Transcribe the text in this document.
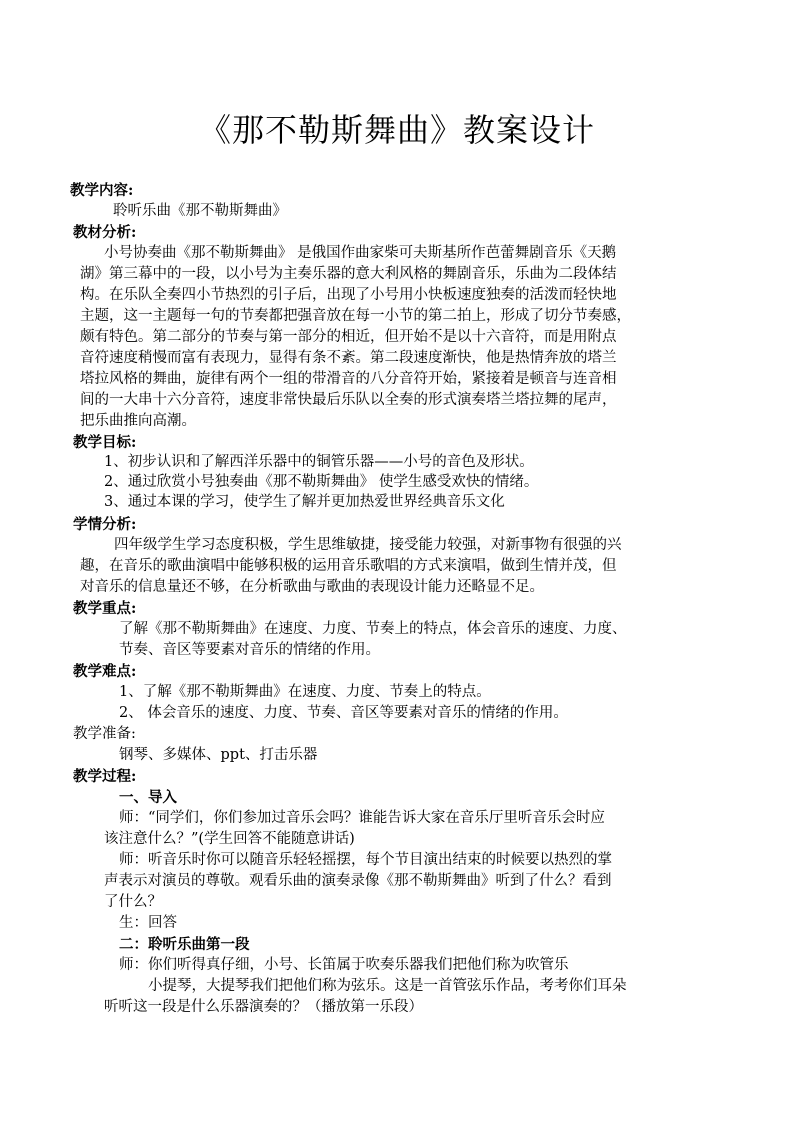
《那不勒斯舞曲》教案设计
教学内容:
聆听乐曲《那不勒斯舞曲》
教材分析:
小号协奏曲《那不勒斯舞曲》 是俄国作曲家柴可夫斯基所作芭蕾舞剧音乐《天鹅
湖》第三幕中的一段，以小号为主奏乐器的意大利风格的舞剧音乐，乐曲为二段体结
构。在乐队全奏四小节热烈的引子后，出现了小号用小快板速度独奏的活泼而轻快地
主题，这一主题每一句的节奏都把强音放在每一小节的第二拍上，形成了切分节奏感，
颇有特色。第二部分的节奏与第一部分的相近，但开始不是以十六音符，而是用附点
音符速度稍慢而富有表现力，显得有条不紊。第二段速度渐快，他是热情奔放的塔兰
塔拉风格的舞曲，旋律有两个一组的带滑音的八分音符开始，紧接着是顿音与连音相
间的一大串十六分音符，速度非常快最后乐队以全奏的形式演奏塔兰塔拉舞的尾声，
把乐曲推向高潮。
教学目标:
1、初步认识和了解西洋乐器中的铜管乐器——小号的音色及形状。
2、通过欣赏小号独奏曲《那不勒斯舞曲》 使学生感受欢快的情绪。
3、通过本课的学习，使学生了解并更加热爱世界经典音乐文化
学情分析:
四年级学生学习态度积极，学生思维敏捷，接受能力较强，对新事物有很强的兴
趣，在音乐的歌曲演唱中能够积极的运用音乐歌唱的方式来演唱，做到生情并茂，但
对音乐的信息量还不够，在分析歌曲与歌曲的表现设计能力还略显不足。
教学重点:
了解《那不勒斯舞曲》在速度、力度、节奏上的特点，体会音乐的速度、力度、
节奏、音区等要素对音乐的情绪的作用。
教学难点:
1、了解《那不勒斯舞曲》在速度、力度、节奏上的特点。
2、 体会音乐的速度、力度、节奏、音区等要素对音乐的情绪的作用。
教学准备:
钢琴、多媒体、ppt、打击乐器
教学过程:
一、导入
师：“同学们，你们参加过音乐会吗？谁能告诉大家在音乐厅里听音乐会时应
该注意什么？”(学生回答不能随意讲话)
师：听音乐时你可以随音乐轻轻摇摆，每个节目演出结束的时候要以热烈的掌
声表示对演员的尊敬。观看乐曲的演奏录像《那不勒斯舞曲》听到了什么？看到
了什么？
生：回答
二：聆听乐曲第一段
师：你们听得真仔细，小号、长笛属于吹奏乐器我们把他们称为吹管乐
小提琴，大提琴我们把他们称为弦乐。这是一首管弦乐作品，考考你们耳朵
听听这一段是什么乐器演奏的？（播放第一乐段）
